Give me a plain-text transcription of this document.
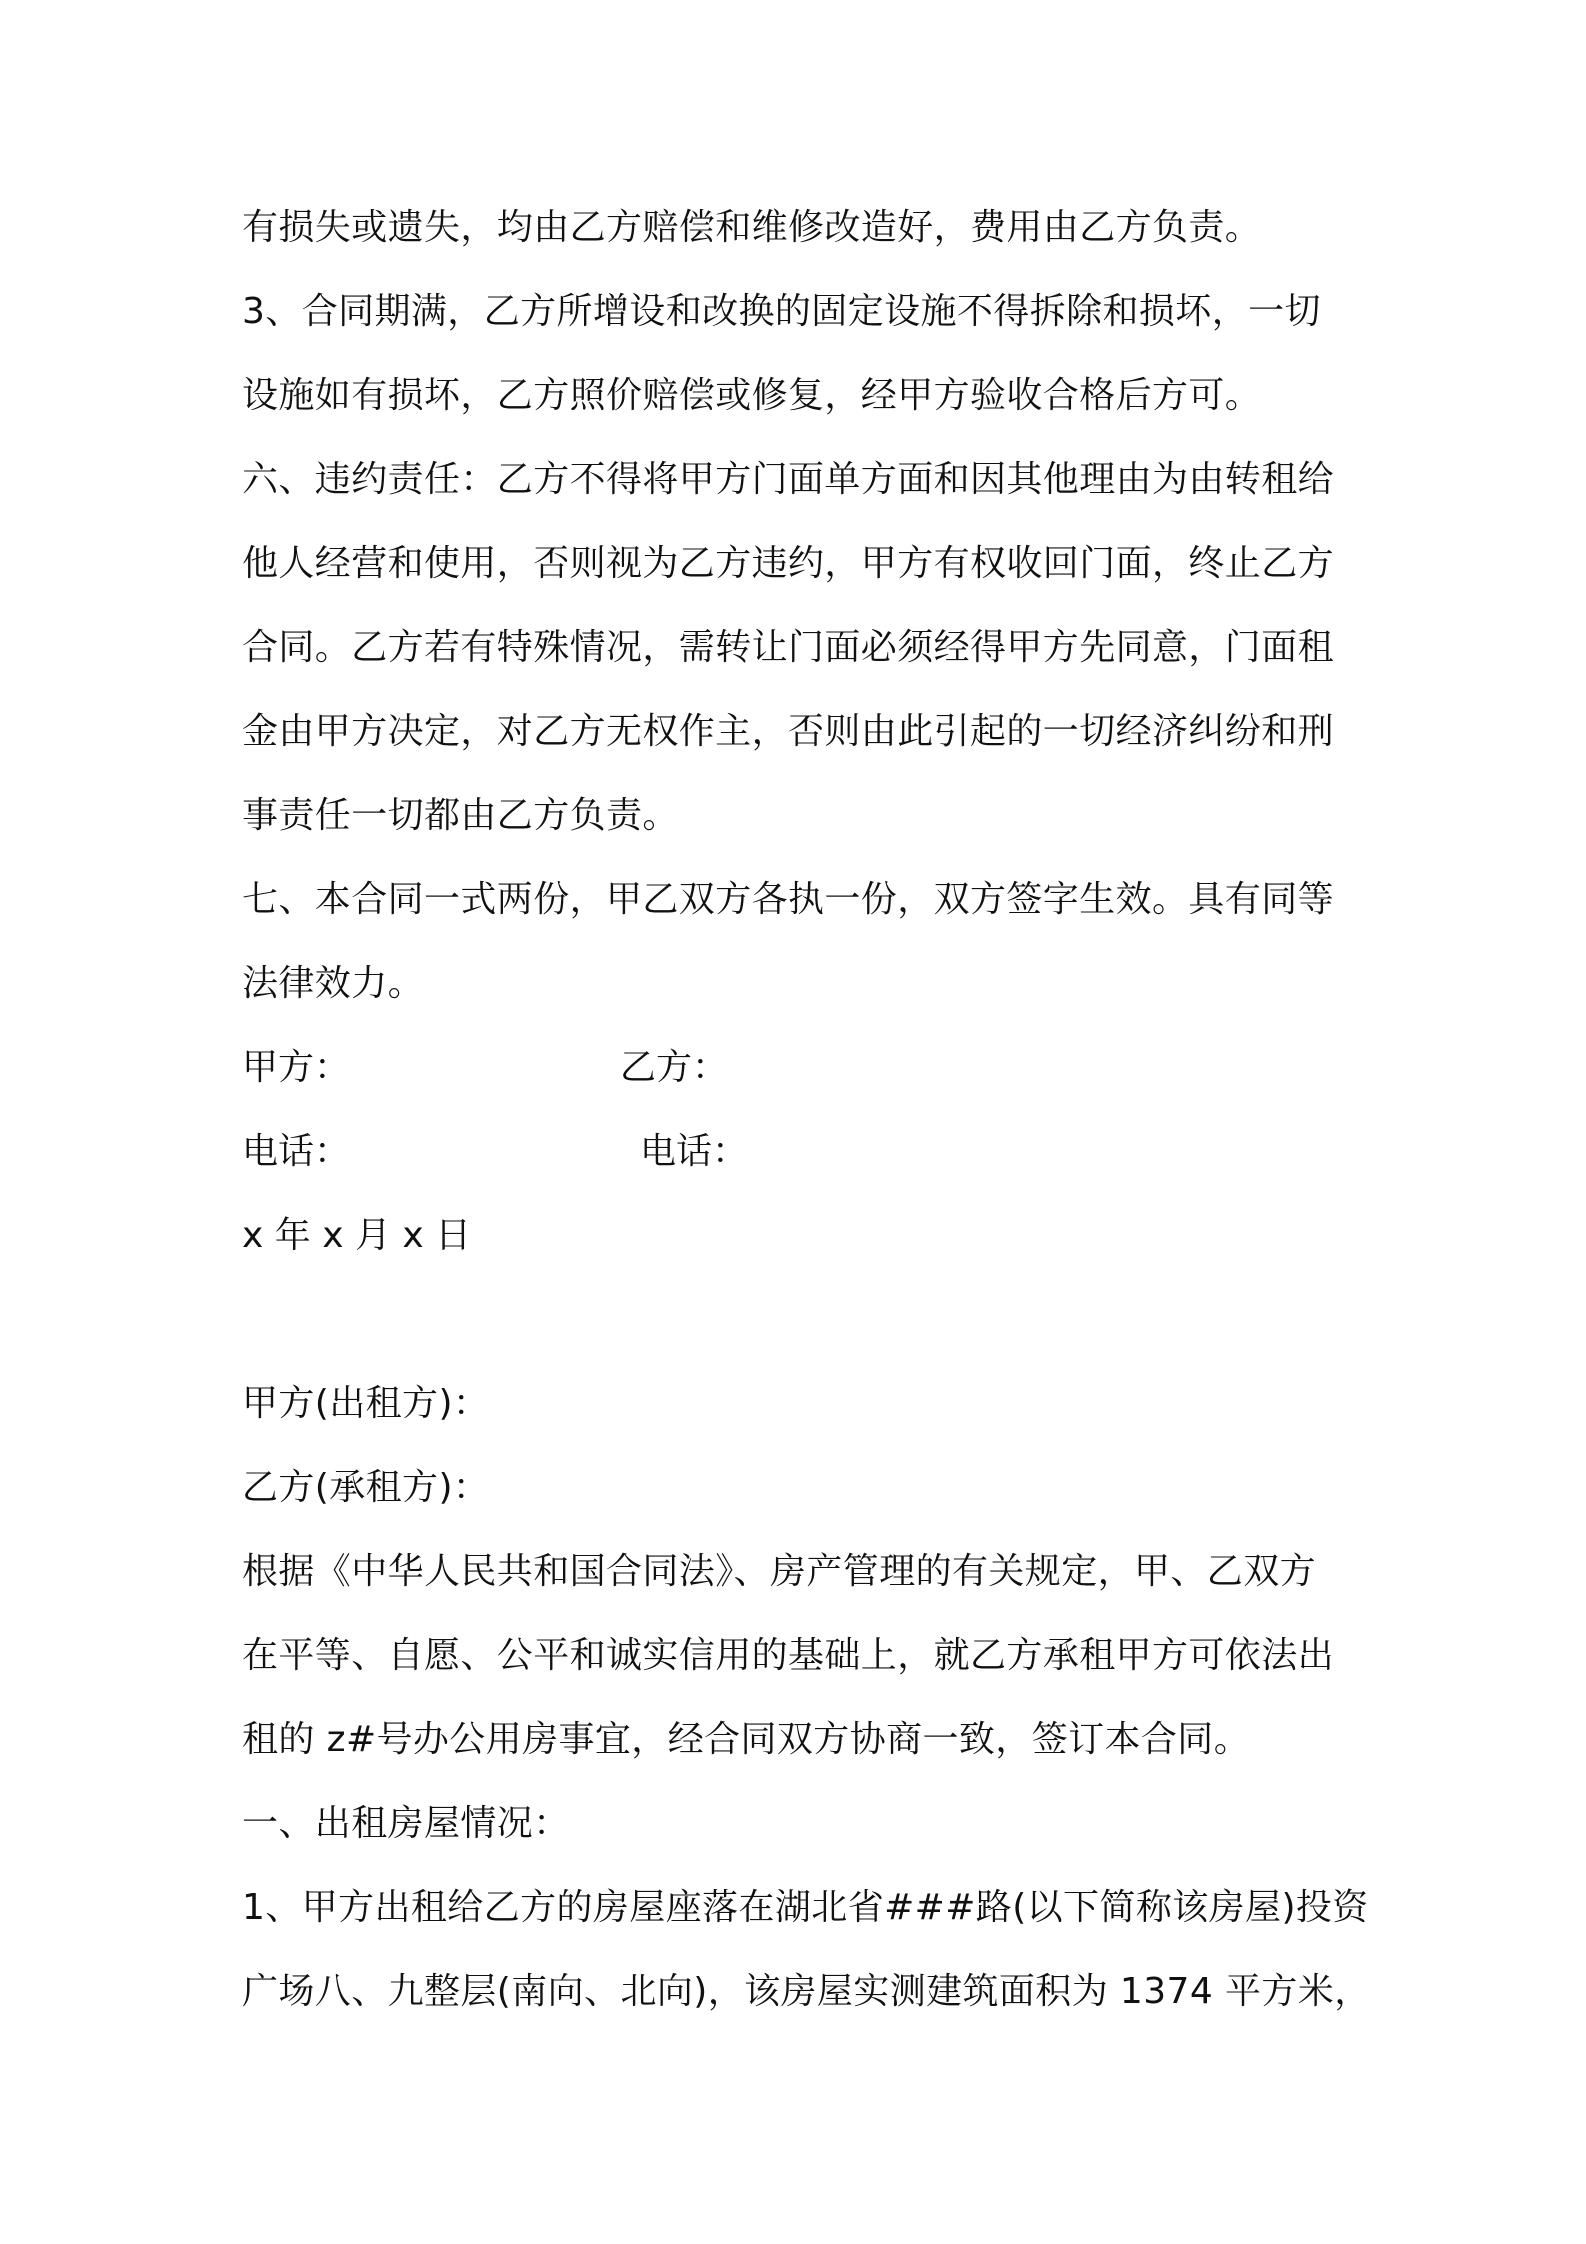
有损失或遗失，均由乙方赔偿和维修改造好，费用由乙方负责。
3、合同期满，乙方所增设和改换的固定设施不得拆除和损坏，一切
设施如有损坏，乙方照价赔偿或修复，经甲方验收合格后方可。
六、违约责任：乙方不得将甲方门面单方面和因其他理由为由转租给
他人经营和使用，否则视为乙方违约，甲方有权收回门面，终止乙方
合同。乙方若有特殊情况，需转让门面必须经得甲方先同意，门面租
金由甲方决定，对乙方无权作主，否则由此引起的一切经济纠纷和刑
事责任一切都由乙方负责。
七、本合同一式两份，甲乙双方各执一份，双方签字生效。具有同等
法律效力。
甲方：	乙方：
电话：	电话：
x 年 x 月 x 日
甲方(出租方)：
乙方(承租方)：
根据《中华人民共和国合同法》、房产管理的有关规定，甲、乙双方
在平等、自愿、公平和诚实信用的基础上，就乙方承租甲方可依法出
租的 z#号办公用房事宜，经合同双方协商一致，签订本合同。
一、出租房屋情况：
1、甲方出租给乙方的房屋座落在湖北省###路(以下简称该房屋)投资
广场八、九整层(南向、北向)，该房屋实测建筑面积为 1374 平方米，
